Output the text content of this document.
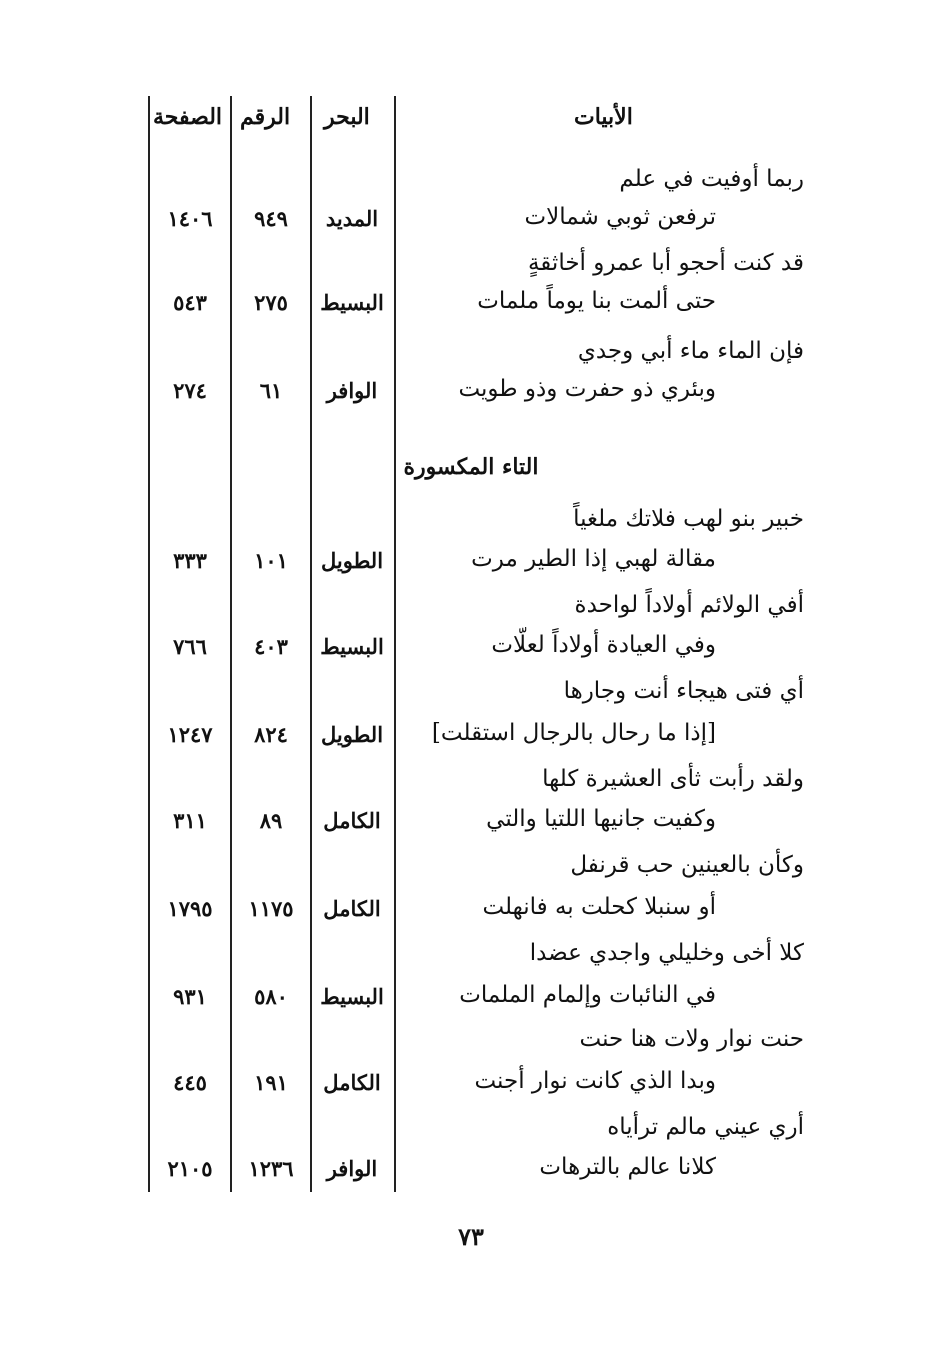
الأبيات
البحر
الرقم
الصفحة
ربما أوفيت في علم
ترفعن ثوبي شمالات
المديد
٩٤٩
١٤٠٦
قد كنت أحجو أبا عمرو أخاثقةٍ
حتى ألمت بنا يوماً ملمات
البسيط
٢٧٥
٥٤٣
فإن الماء ماء أبي وجدي
وبئري ذو حفرت وذو طويت
الوافر
٦١
٢٧٤
التاء المكسورة
خبير بنو لهب فلاتك ملغياً
مقالة لهبي إذا الطير مرت
الطويل
١٠١
٣٣٣
أفي الولائم أولاداً لواحدة
وفي العيادة أولاداً لعلّات
البسيط
٤٠٣
٧٦٦
أي فتى هيجاء أنت وجارها
[إذا ما رحال بالرجال استقلت]
الطويل
٨٢٤
١٢٤٧
ولقد رأبت ثأى العشيرة كلها
وكفيت جانيها اللتيا والتي
الكامل
٨٩
٣١١
وكأن بالعينين حب قرنفل
أو سنبلا كحلت به فانهلت
الكامل
١١٧٥
١٧٩٥
كلا أخى وخليلي واجدي عضدا
في النائبات وإلمام الملمات
البسيط
٥٨٠
٩٣١
حنت نوار ولات هنا حنت
وبدا الذي كانت نوار أجنت
الكامل
١٩١
٤٤٥
أري عيني مالم ترأياه
كلانا عالم بالترهات
الوافر
١٢٣٦
٢١٠٥
٧٣
